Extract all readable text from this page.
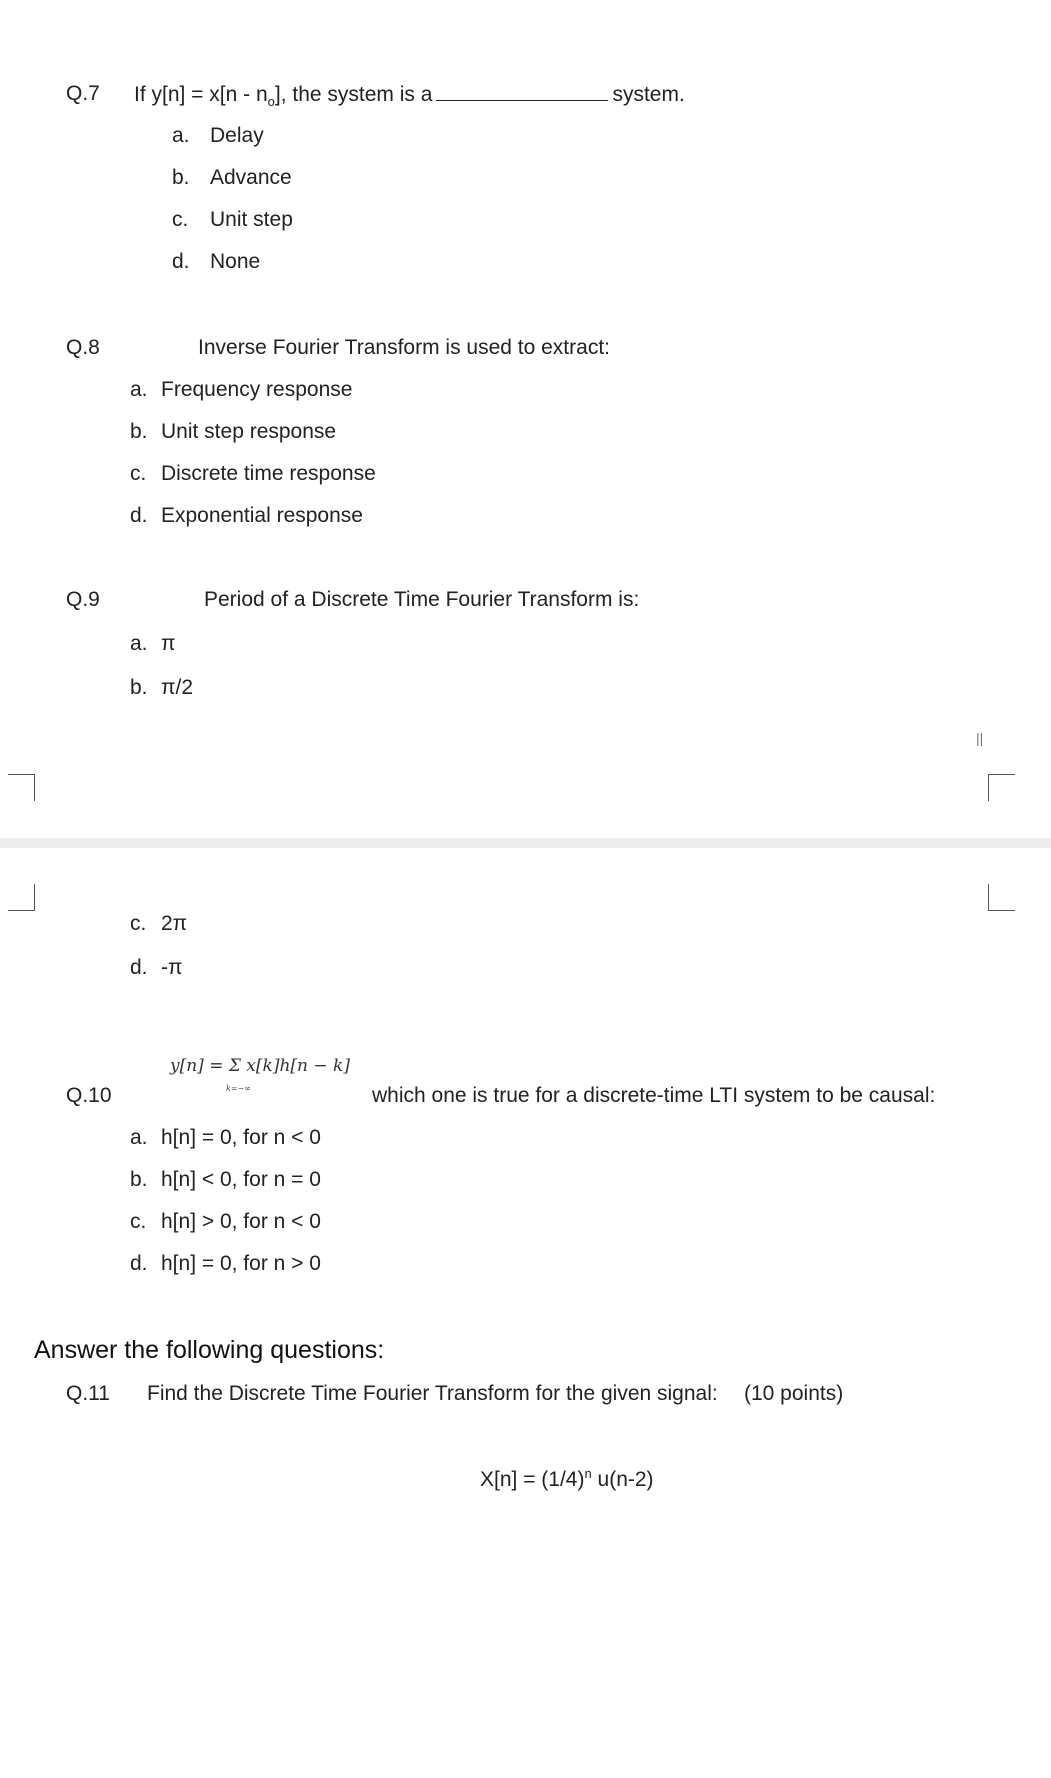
Q.7 If $y[n] = x[n - n_o]$, the system is a	system.
a. Delay
b. Advance
c. Unit step
d. None
Q.8	Inverse Fourier Transform is used to extract:
a. Frequency response
b. Unit step response
c. Discrete time response
d. Exponential response
Q.9	Period of a Discrete Time Fourier Transform is:
a. π
b. π/2
||
c. 2π
d. -π
y[n] = Σ x[k]h[n − k]
k=−∞
Q.10	which one is true for a discrete-time LTI system to be causal:
a. h[n] = 0, for n < 0
b. h[n] < 0, for n = 0
c. h[n] > 0, for n < 0
d. h[n] = 0, for n > 0
Answer the following questions:
Q.11 Find the Discrete Time Fourier Transform for the given signal: (10 points)
$X[n] = (1/4)^n$ u(n-2)
